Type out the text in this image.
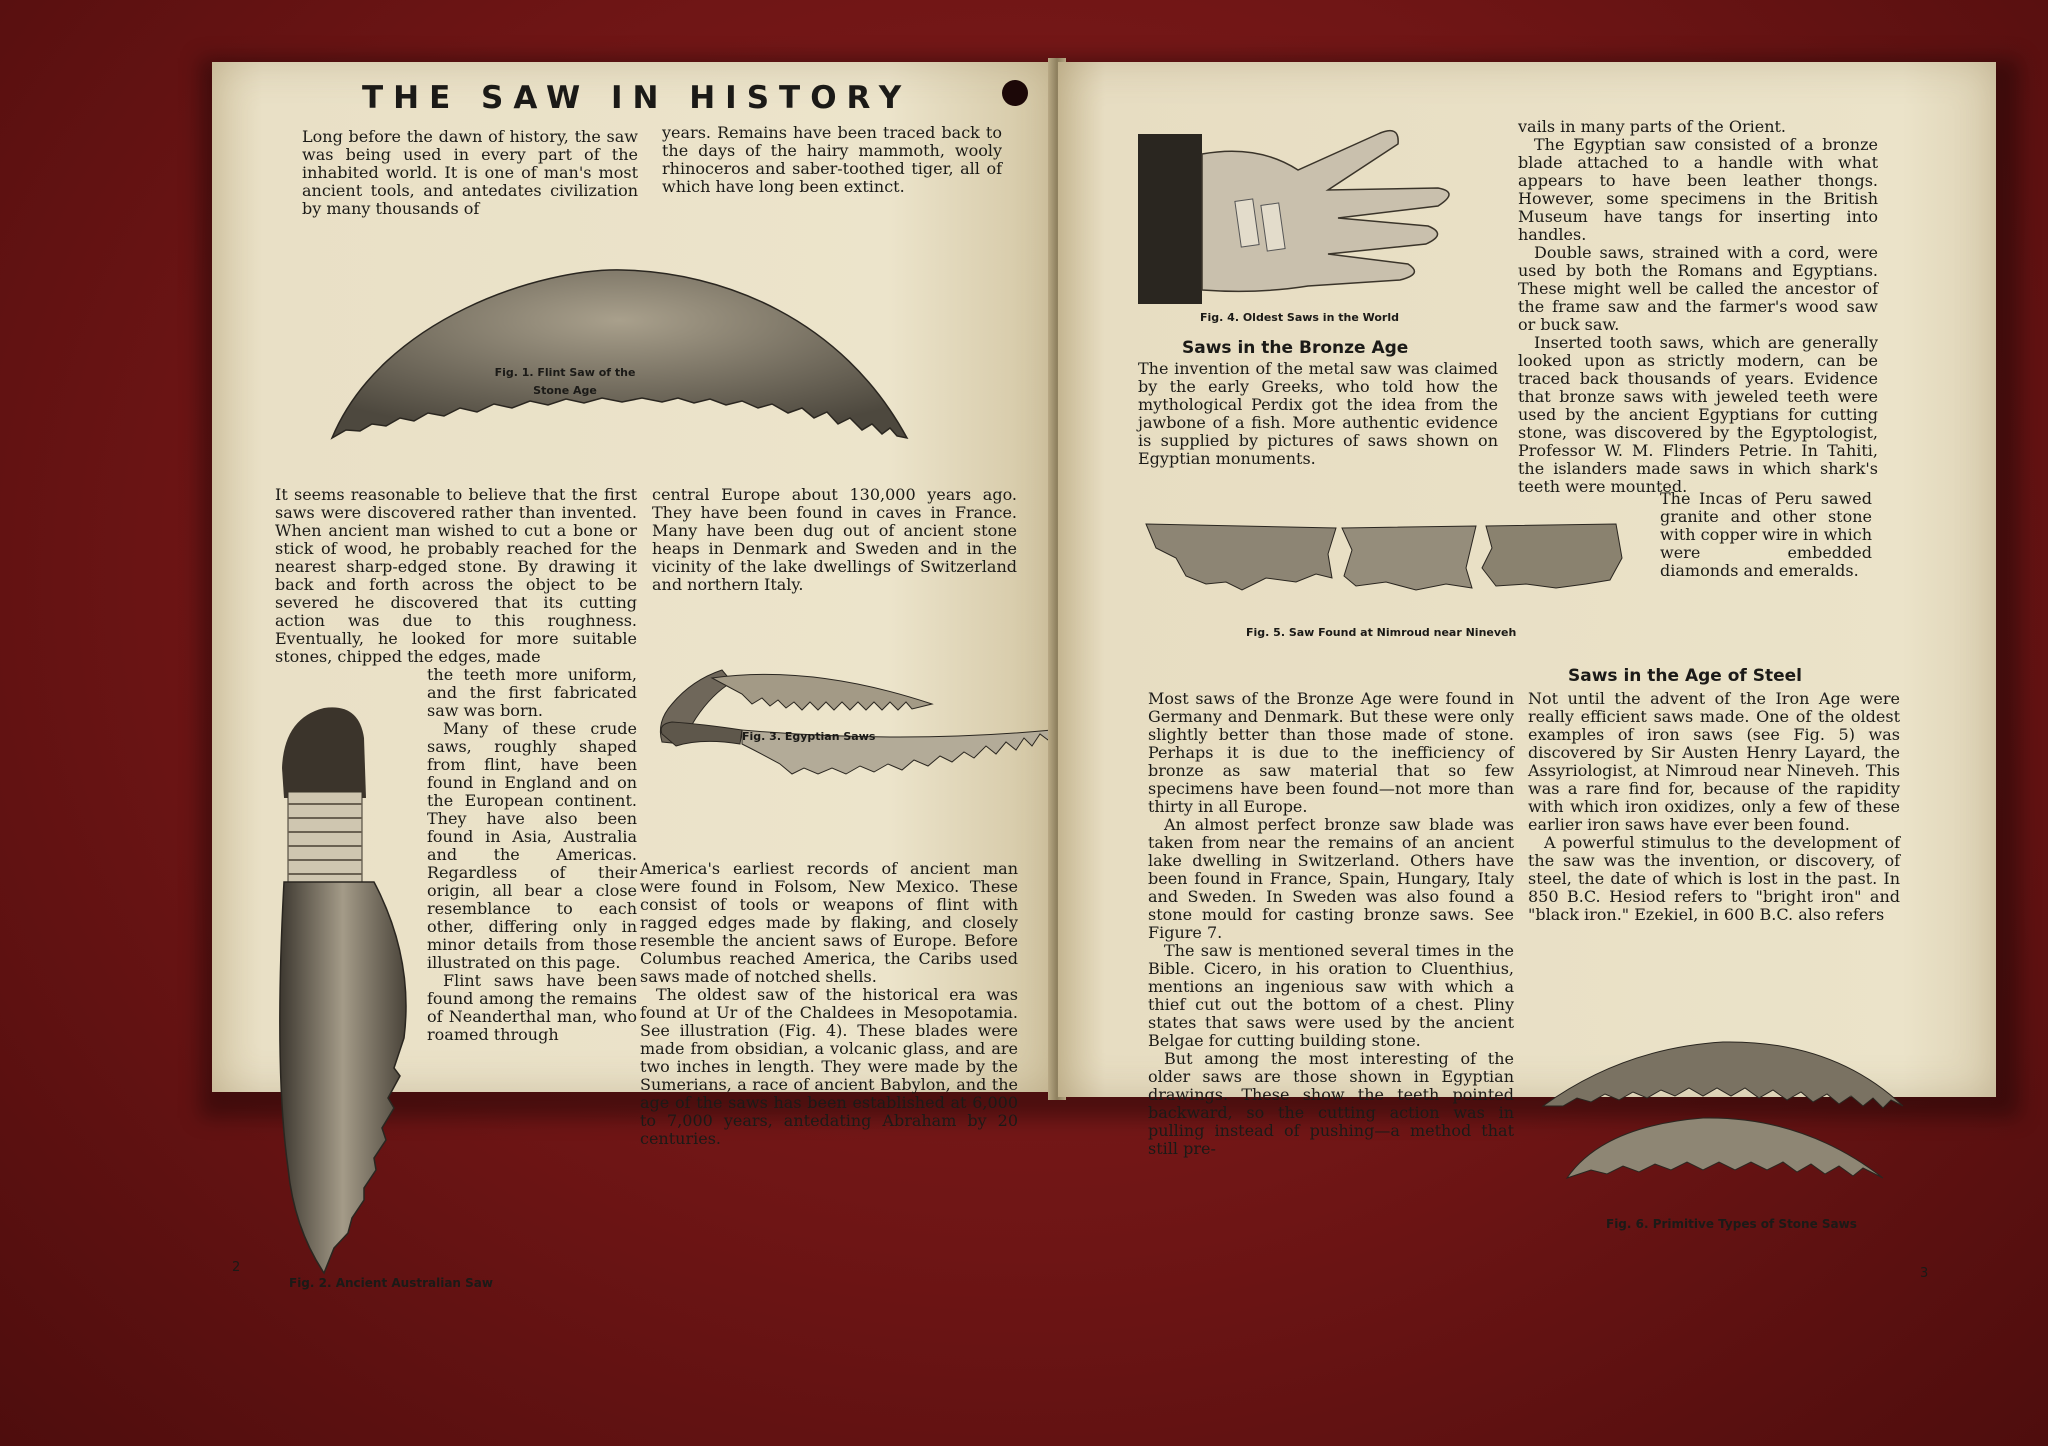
THE SAW IN HISTORY

Long before the dawn of history, the saw was being used in every part of the inhabited world. It is one of man's most ancient tools, and antedates civilization by many thousands of

years. Remains have been traced back to the days of the hairy mammoth, wooly rhinoceros and saber-toothed tiger, all of which have long been extinct.

Fig. 1. Flint Saw of the
Stone Age

It seems reasonable to believe that the first saws were discovered rather than invented. When ancient man wished to cut a bone or stick of wood, he probably reached for the nearest sharp-edged stone. By drawing it back and forth across the object to be severed he discovered that its cutting action was due to this roughness. Eventually, he looked for more suitable stones, chipped the edges, made

the teeth more uniform, and the first fabricated saw was born.

Many of these crude saws, roughly shaped from flint, have been found in England and on the European continent. They have also been found in Asia, Australia and the Americas. Regardless of their origin, all bear a close resemblance to each other, differing only in minor details from those illustrated on this page.

Flint saws have been found among the remains of Neanderthal man, who roamed through

Fig. 2. Ancient Australian Saw

central Europe about 130,000 years ago. They have been found in caves in France. Many have been dug out of ancient stone heaps in Denmark and Sweden and in the vicinity of the lake dwellings of Switzerland and northern Italy.

Fig. 3. Egyptian Saws

America's earliest records of ancient man were found in Folsom, New Mexico. These consist of tools or weapons of flint with ragged edges made by flaking, and closely resemble the ancient saws of Europe. Before Columbus reached America, the Caribs used saws made of notched shells.

The oldest saw of the historical era was found at Ur of the Chaldees in Mesopotamia. See illustration (Fig. 4). These blades were made from obsidian, a volcanic glass, and are two inches in length. They were made by the Sumerians, a race of ancient Babylon, and the age of the saws has been established at 6,000 to 7,000 years, antedating Abraham by 20 centuries.

2
Fig. 4. Oldest Saws in the World
Saws in the Bronze Age

The invention of the metal saw was claimed by the early Greeks, who told how the mythological Perdix got the idea from the jawbone of a fish. More authentic evidence is supplied by pictures of saws shown on Egyptian monuments.

vails in many parts of the Orient.

The Egyptian saw consisted of a bronze blade attached to a handle with what appears to have been leather thongs. However, some specimens in the British Museum have tangs for inserting into handles.

Double saws, strained with a cord, were used by both the Romans and Egyptians. These might well be called the ancestor of the frame saw and the farmer's wood saw or buck saw.

Inserted tooth saws, which are generally looked upon as strictly modern, can be traced back thousands of years. Evidence that bronze saws with jeweled teeth were used by the ancient Egyptians for cutting stone, was discovered by the Egyptologist, Professor W. M. Flinders Petrie. In Tahiti, the islanders made saws in which shark's teeth were mounted.

The Incas of Peru sawed granite and other stone with copper wire in which were embedded diamonds and emeralds.

Fig. 5. Saw Found at Nimroud near Nineveh

Most saws of the Bronze Age were found in Germany and Denmark. But these were only slightly better than those made of stone. Perhaps it is due to the inefficiency of bronze as saw material that so few specimens have been found—not more than thirty in all Europe.

An almost perfect bronze saw blade was taken from near the remains of an ancient lake dwelling in Switzerland. Others have been found in France, Spain, Hungary, Italy and Sweden. In Sweden was also found a stone mould for casting bronze saws. See Figure 7.

The saw is mentioned several times in the Bible. Cicero, in his oration to Cluenthius, mentions an ingenious saw with which a thief cut out the bottom of a chest. Pliny states that saws were used by the ancient Belgae for cutting building stone.

But among the most interesting of the older saws are those shown in Egyptian drawings. These show the teeth pointed backward, so the cutting action was in pulling instead of pushing—a method that still pre-

Saws in the Age of Steel

Not until the advent of the Iron Age were really efficient saws made. One of the oldest examples of iron saws (see Fig. 5) was discovered by Sir Austen Henry Layard, the Assyriologist, at Nimroud near Nineveh. This was a rare find for, because of the rapidity with which iron oxidizes, only a few of these earlier iron saws have ever been found.

A powerful stimulus to the development of the saw was the invention, or discovery, of steel, the date of which is lost in the past. In 850 B.C. Hesiod refers to "bright iron" and "black iron." Ezekiel, in 600 B.C. also refers

Fig. 6. Primitive Types of Stone Saws
3
